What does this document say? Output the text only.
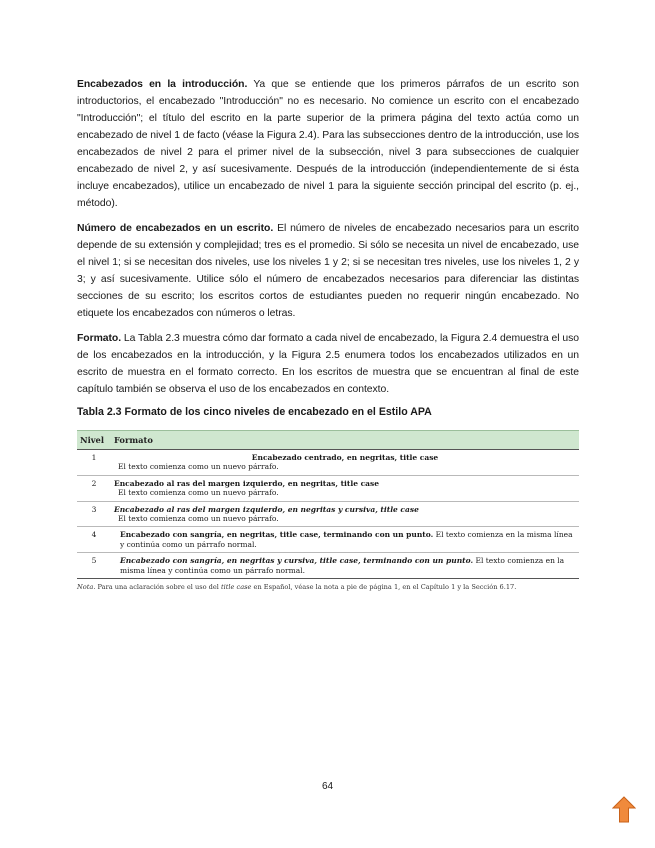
Encabezados en la introducción. Ya que se entiende que los primeros párrafos de un escrito son introductorios, el encabezado "Introducción" no es necesario. No comience un escrito con el encabezado "Introducción"; el título del escrito en la parte superior de la primera página del texto actúa como un encabezado de nivel 1 de facto (véase la Figura 2.4). Para las subsecciones dentro de la introducción, use los encabezados de nivel 2 para el primer nivel de la subsección, nivel 3 para subsecciones de cualquier encabezado de nivel 2, y así sucesivamente. Después de la introducción (independientemente de si ésta incluye encabezados), utilice un encabezado de nivel 1 para la siguiente sección principal del escrito (p. ej., método).

Número de encabezados en un escrito. El número de niveles de encabezado necesarios para un escrito depende de su extensión y complejidad; tres es el promedio. Si sólo se necesita un nivel de encabezado, use el nivel 1; si se necesitan dos niveles, use los niveles 1 y 2; si se necesitan tres niveles, use los niveles 1, 2 y 3; y así sucesivamente. Utilice sólo el número de encabezados necesarios para diferenciar las distintas secciones de su escrito; los escritos cortos de estudiantes pueden no requerir ningún encabezado. No etiquete los encabezados con números o letras.

Formato. La Tabla 2.3 muestra cómo dar formato a cada nivel de encabezado, la Figura 2.4 demuestra el uso de los encabezados en la introducción, y la Figura 2.5 enumera todos los encabezados utilizados en un escrito de muestra en el formato correcto. En los escritos de muestra que se encuentran al final de este capítulo también se observa el uso de los encabezados en contexto.

Tabla 2.3 Formato de los cinco niveles de encabezado en el Estilo APA
Nivel	Formato
1	Encabezado centrado, en negritas, title case
El texto comienza como un nuevo párrafo.

2	Encabezado al ras del margen izquierdo, en negritas, title case
El texto comienza como un nuevo párrafo.

3	Encabezado al ras del margen izquierdo, en negritas y cursiva, title case
El texto comienza como un nuevo párrafo.

4	Encabezado con sangría, en negritas, title case, terminando con un punto. El texto comienza en la misma línea y continúa como un párrafo normal.

5	Encabezado con sangría, en negritas y cursiva, title case, terminando con un punto. El texto comienza en la misma línea y continúa como un párrafo normal.
Nota. Para una aclaración sobre el uso del title case en Español, véase la nota a pie de página 1, en el Capítulo 1 y la Sección 6.17.
64
